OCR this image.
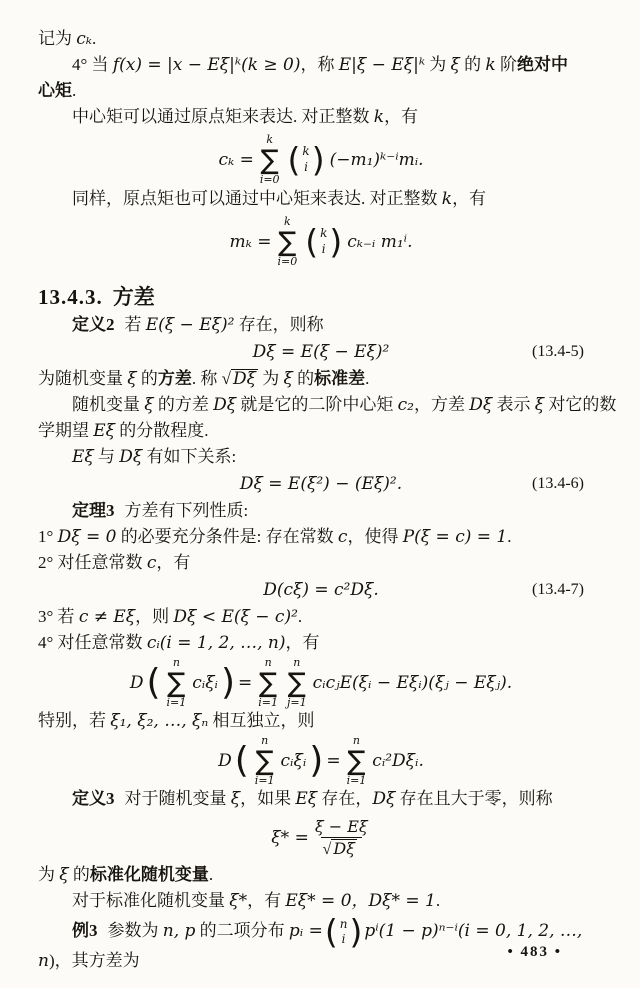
记为 cₖ.

4° 当 f(x) = |x − Eξ|ᵏ(k ≥ 0)，称 E|ξ − Eξ|ᵏ 为 ξ 的 k 阶绝对中

心矩.

中心矩可以通过原点矩来表达. 对正整数 k，有

cₖ =
k
∑
i=0
( k
i ) (−m₁)ᵏ⁻ⁱmᵢ.

同样，原点矩也可以通过中心矩来表达. 对正整数 k，有

mₖ =
k
∑
i=0
( k
i ) cₖ₋ᵢ m₁ⁱ.
13.4.3. 方差

定义2 若 E(ξ − Eξ)² 存在，则称

Dξ = E(ξ − Eξ)²	(13.4-5)

为随机变量 ξ 的方差. 称 √ Dξ 为 ξ 的标准差.

随机变量 ξ 的方差 Dξ 就是它的二阶中心矩 c₂，方差 Dξ 表示 ξ 对它的数

学期望 Eξ 的分散程度.

Eξ 与 Dξ 有如下关系:

Dξ = E(ξ²) − (Eξ)².	(13.4-6)

定理3 方差有下列性质:

1° Dξ = 0 的必要充分条件是: 存在常数 c，使得 P(ξ = c) = 1.

2° 对任意常数 c，有

D(cξ) = c²Dξ.	(13.4-7)

3° 若 c ≠ Eξ，则 Dξ < E(ξ − c)².

4° 对任意常数 cᵢ(i = 1, 2, …, n)，有

D ( n
∑
i=1
cᵢξᵢ ) =
n
∑
i=1
n
∑
j=1
cᵢcⱼE(ξᵢ − Eξᵢ)(ξⱼ − Eξⱼ).

特别，若 ξ₁, ξ₂, …, ξₙ 相互独立，则

D ( n
∑
i=1
cᵢξᵢ ) =
n
∑
i=1
cᵢ²Dξᵢ.

定义3 对于随机变量 ξ，如果 Eξ 存在，Dξ 存在且大于零，则称

$\xi* = \frac{\xi - E\xi}{√ D\xi}$

为 ξ 的标准化随机变量.

对于标准化随机变量 ξ*，有 Eξ* = 0，Dξ* = 1.

例3 参数为 n, p 的二项分布 pᵢ = ( n
i ) pⁱ(1 − p)ⁿ⁻ⁱ(i = 0, 1, 2, …,

n)，其方差为	• 483 •
